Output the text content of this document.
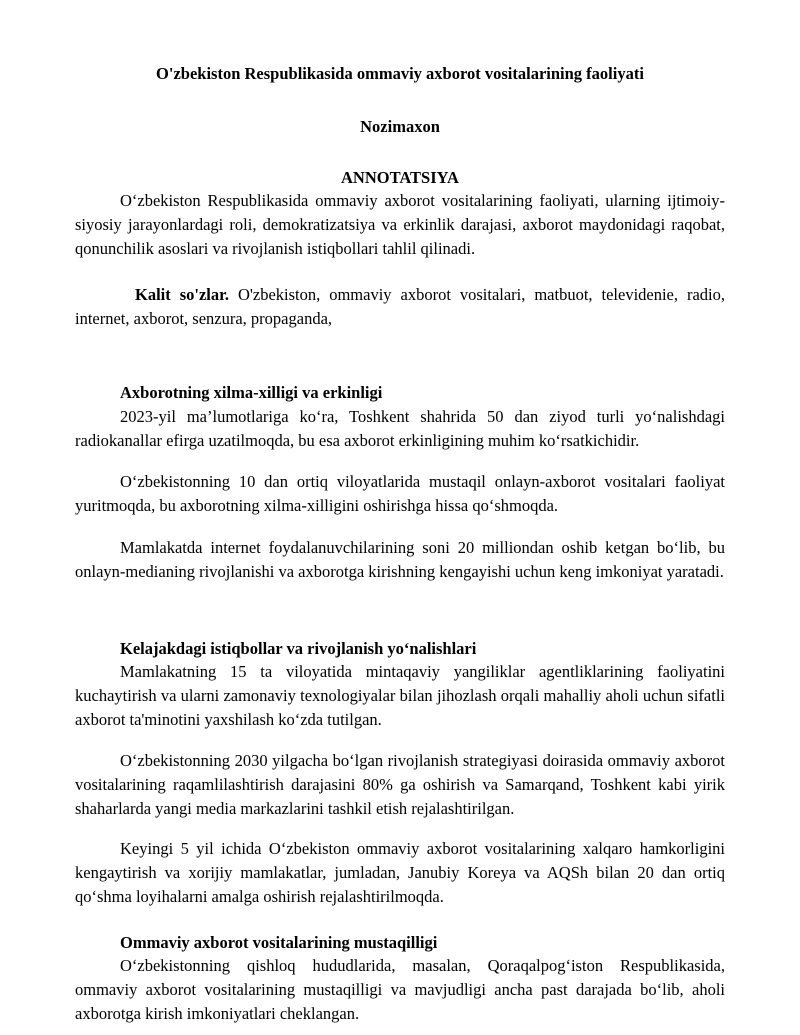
O'zbekiston Respublikasida ommaviy axborot vositalarining faoliyati

Nozimaxon

ANNOTATSIYA

O‘zbekiston Respublikasida ommaviy axborot vositalarining faoliyati, ularning ijtimoiy-siyosiy jarayonlardagi roli, demokratizatsiya va erkinlik darajasi, axborot maydonidagi raqobat, qonunchilik asoslari va rivojlanish istiqbollari tahlil qilinadi.

Kalit so'zlar. O'zbekiston, ommaviy axborot vositalari, matbuot, televidenie, radio, internet, axborot, senzura, propaganda,

Axborotning xilma-xilligi va erkinligi

2023-yil ma’lumotlariga ko‘ra, Toshkent shahrida 50 dan ziyod turli yo‘nalishdagi radiokanallar efirga uzatilmoqda, bu esa axborot erkinligining muhim ko‘rsatkichidir.

O‘zbekistonning 10 dan ortiq viloyatlarida mustaqil onlayn-axborot vositalari faoliyat yuritmoqda, bu axborotning xilma-xilligini oshirishga hissa qo‘shmoqda.

Mamlakatda internet foydalanuvchilarining soni 20 milliondan oshib ketgan bo‘lib, bu onlayn-medianing rivojlanishi va axborotga kirishning kengayishi uchun keng imkoniyat yaratadi.

Kelajakdagi istiqbollar va rivojlanish yo‘nalishlari

Mamlakatning 15 ta viloyatida mintaqaviy yangiliklar agentliklarining faoliyatini kuchaytirish va ularni zamonaviy texnologiyalar bilan jihozlash orqali mahalliy aholi uchun sifatli axborot ta'minotini yaxshilash ko‘zda tutilgan.

O‘zbekistonning 2030 yilgacha bo‘lgan rivojlanish strategiyasi doirasida ommaviy axborot vositalarining raqamlilashtirish darajasini 80% ga oshirish va Samarqand, Toshkent kabi yirik shaharlarda yangi media markazlarini tashkil etish rejalashtirilgan.

Keyingi 5 yil ichida O‘zbekiston ommaviy axborot vositalarining xalqaro hamkorligini kengaytirish va xorijiy mamlakatlar, jumladan, Janubiy Koreya va AQSh bilan 20 dan ortiq qo‘shma loyihalarni amalga oshirish rejalashtirilmoqda.

Ommaviy axborot vositalarining mustaqilligi

O‘zbekistonning qishloq hududlarida, masalan, Qoraqalpog‘iston Respublikasida, ommaviy axborot vositalarining mustaqilligi va mavjudligi ancha past darajada bo‘lib, aholi axborotga kirish imkoniyatlari cheklangan.
